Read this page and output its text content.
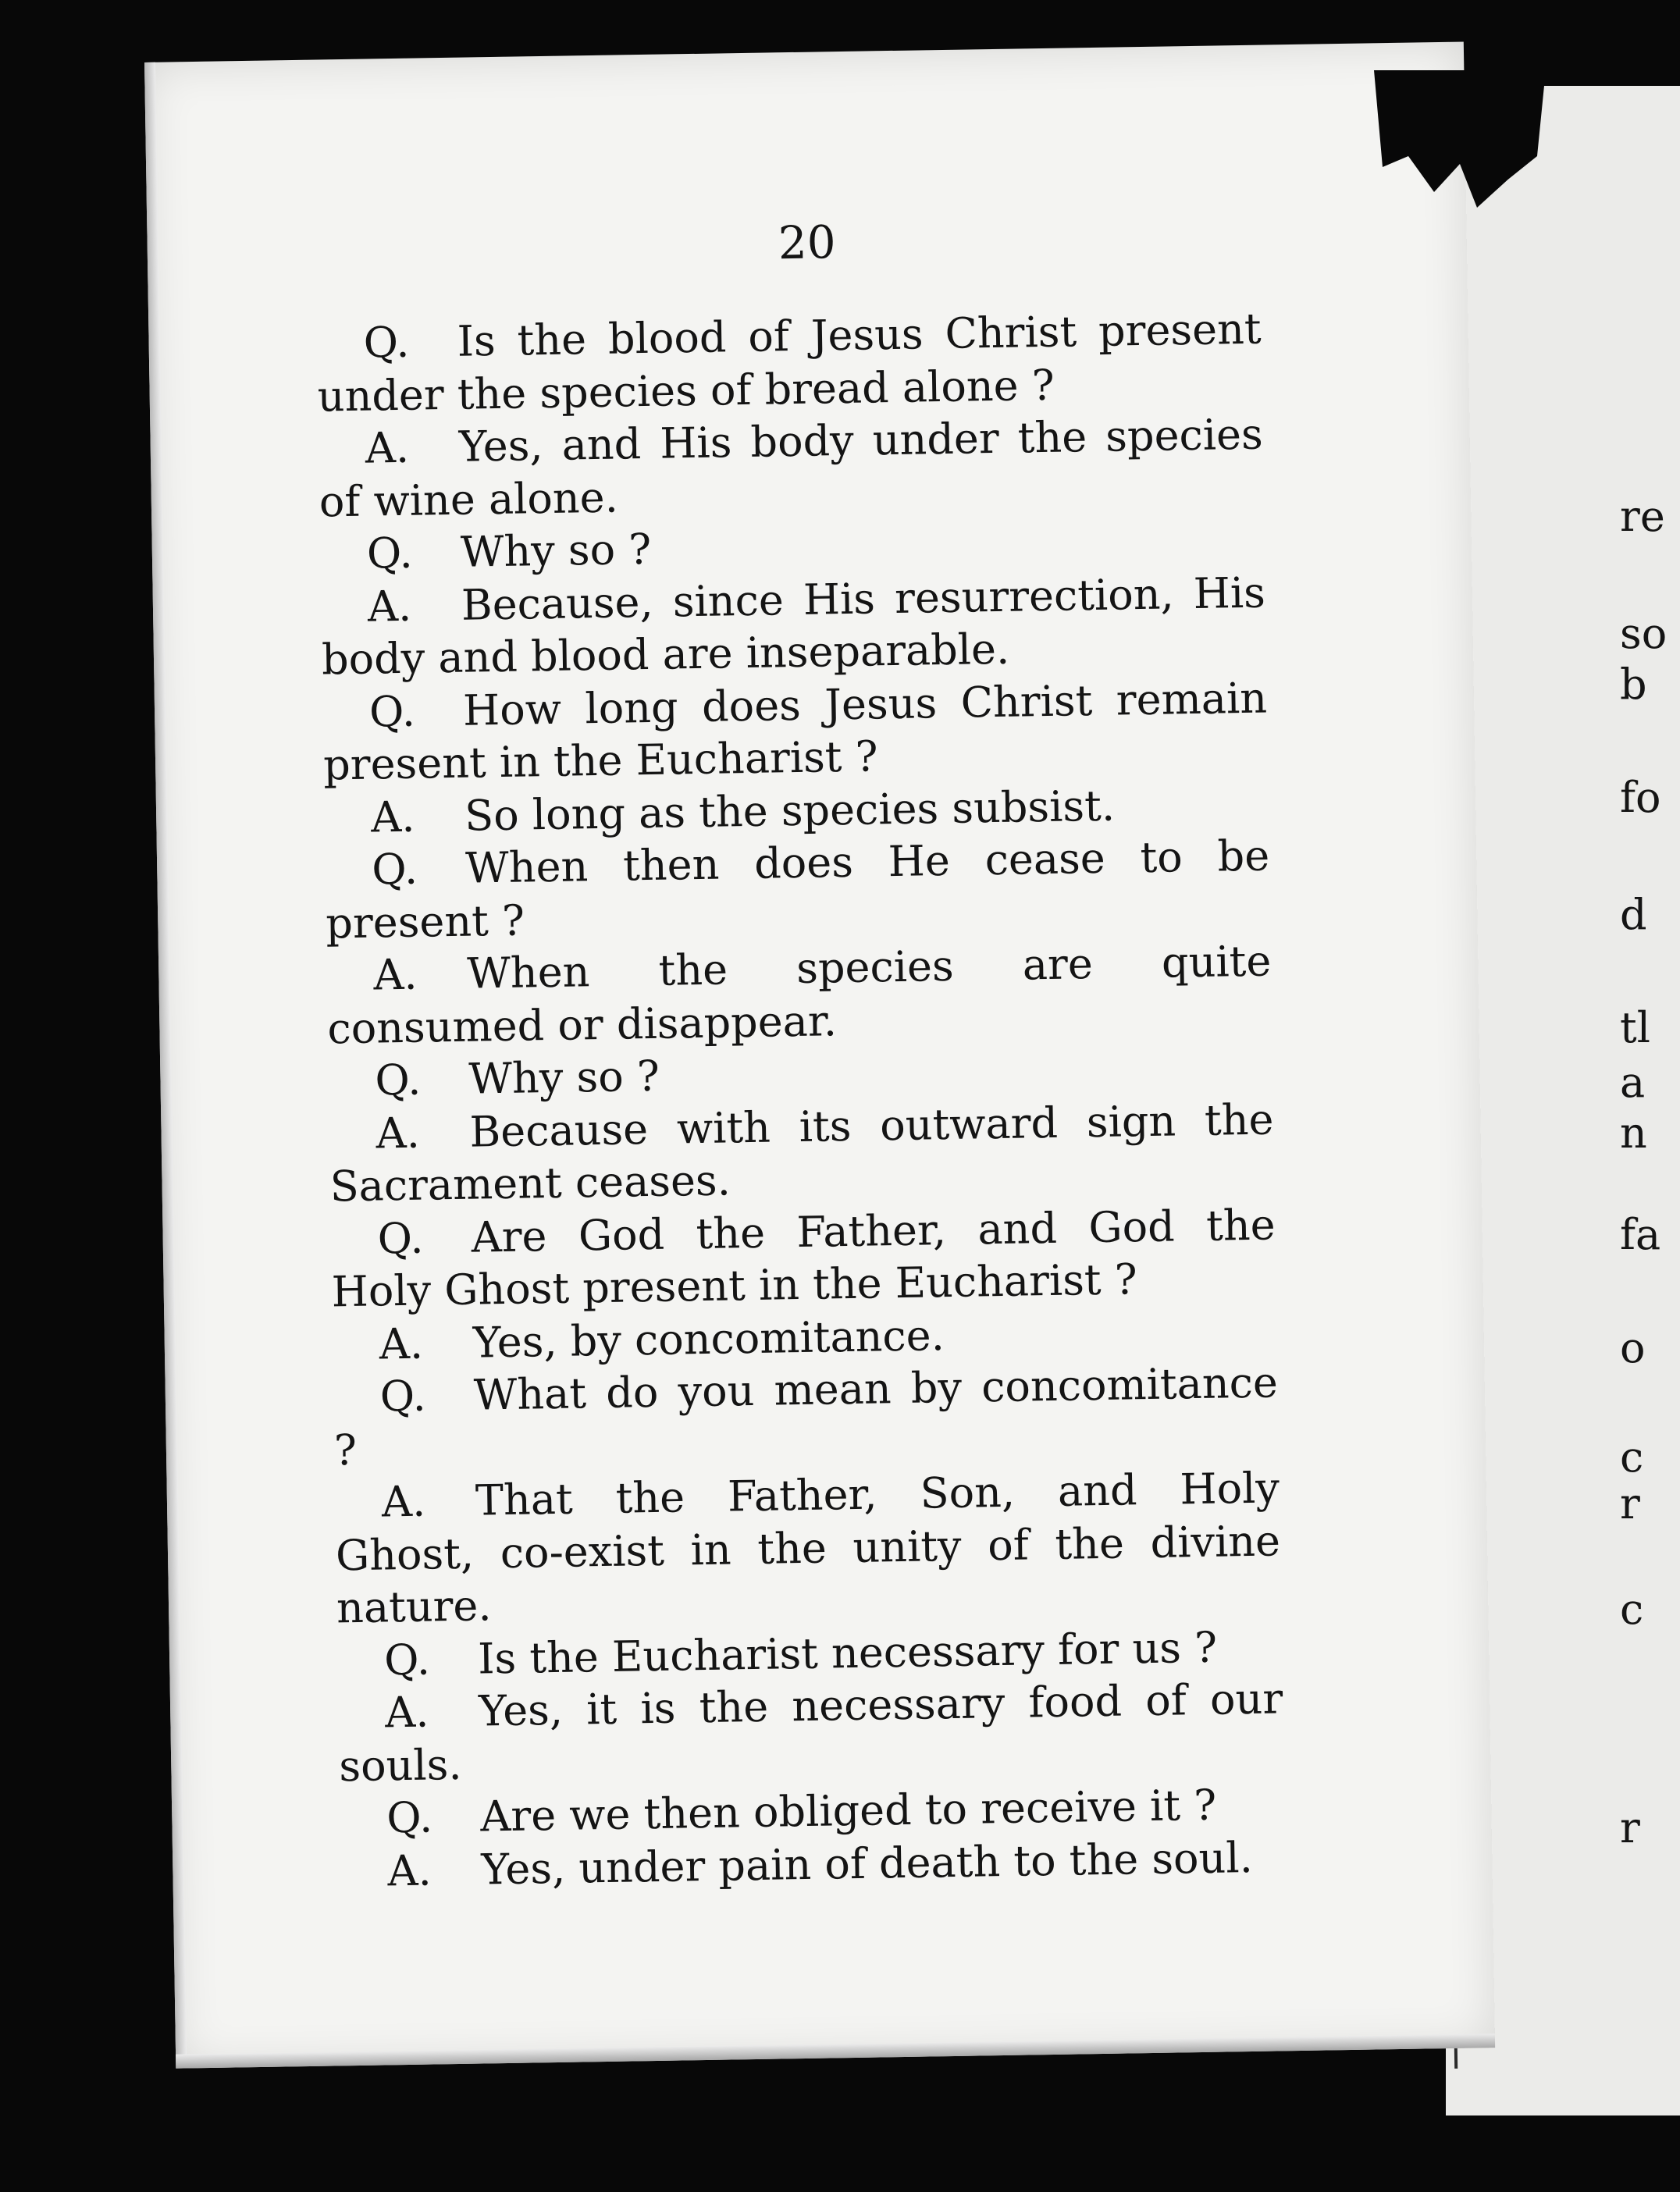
20

Q. Is the blood of Jesus Christ present under the species of bread alone ?

A. Yes, and His body under the species of wine alone.

Q. Why so ?

A. Because, since His resurrection, His body and blood are inseparable.

Q. How long does Jesus Christ remain present in the Eucharist ?

A. So long as the species subsist.

Q. When then does He cease to be present ?

A. When the species are quite consumed or disappear.

Q. Why so ?

A. Because with its outward sign the Sacrament ceases.

Q. Are God the Father, and God the Holy Ghost present in the Eucharist ?

A. Yes, by concomitance.

Q. What do you mean by concomitance ?

A. That the Father, Son, and Holy Ghost, co-exist in the unity of the divine nature.

Q. Is the Eucharist necessary for us ?

A. Yes, it is the necessary food of our souls.

Q. Are we then obliged to receive it ?

A. Yes, under pain of death to the soul.

re
so
b
fo
d
tl
a
n
fa
o
c
r
c
r
